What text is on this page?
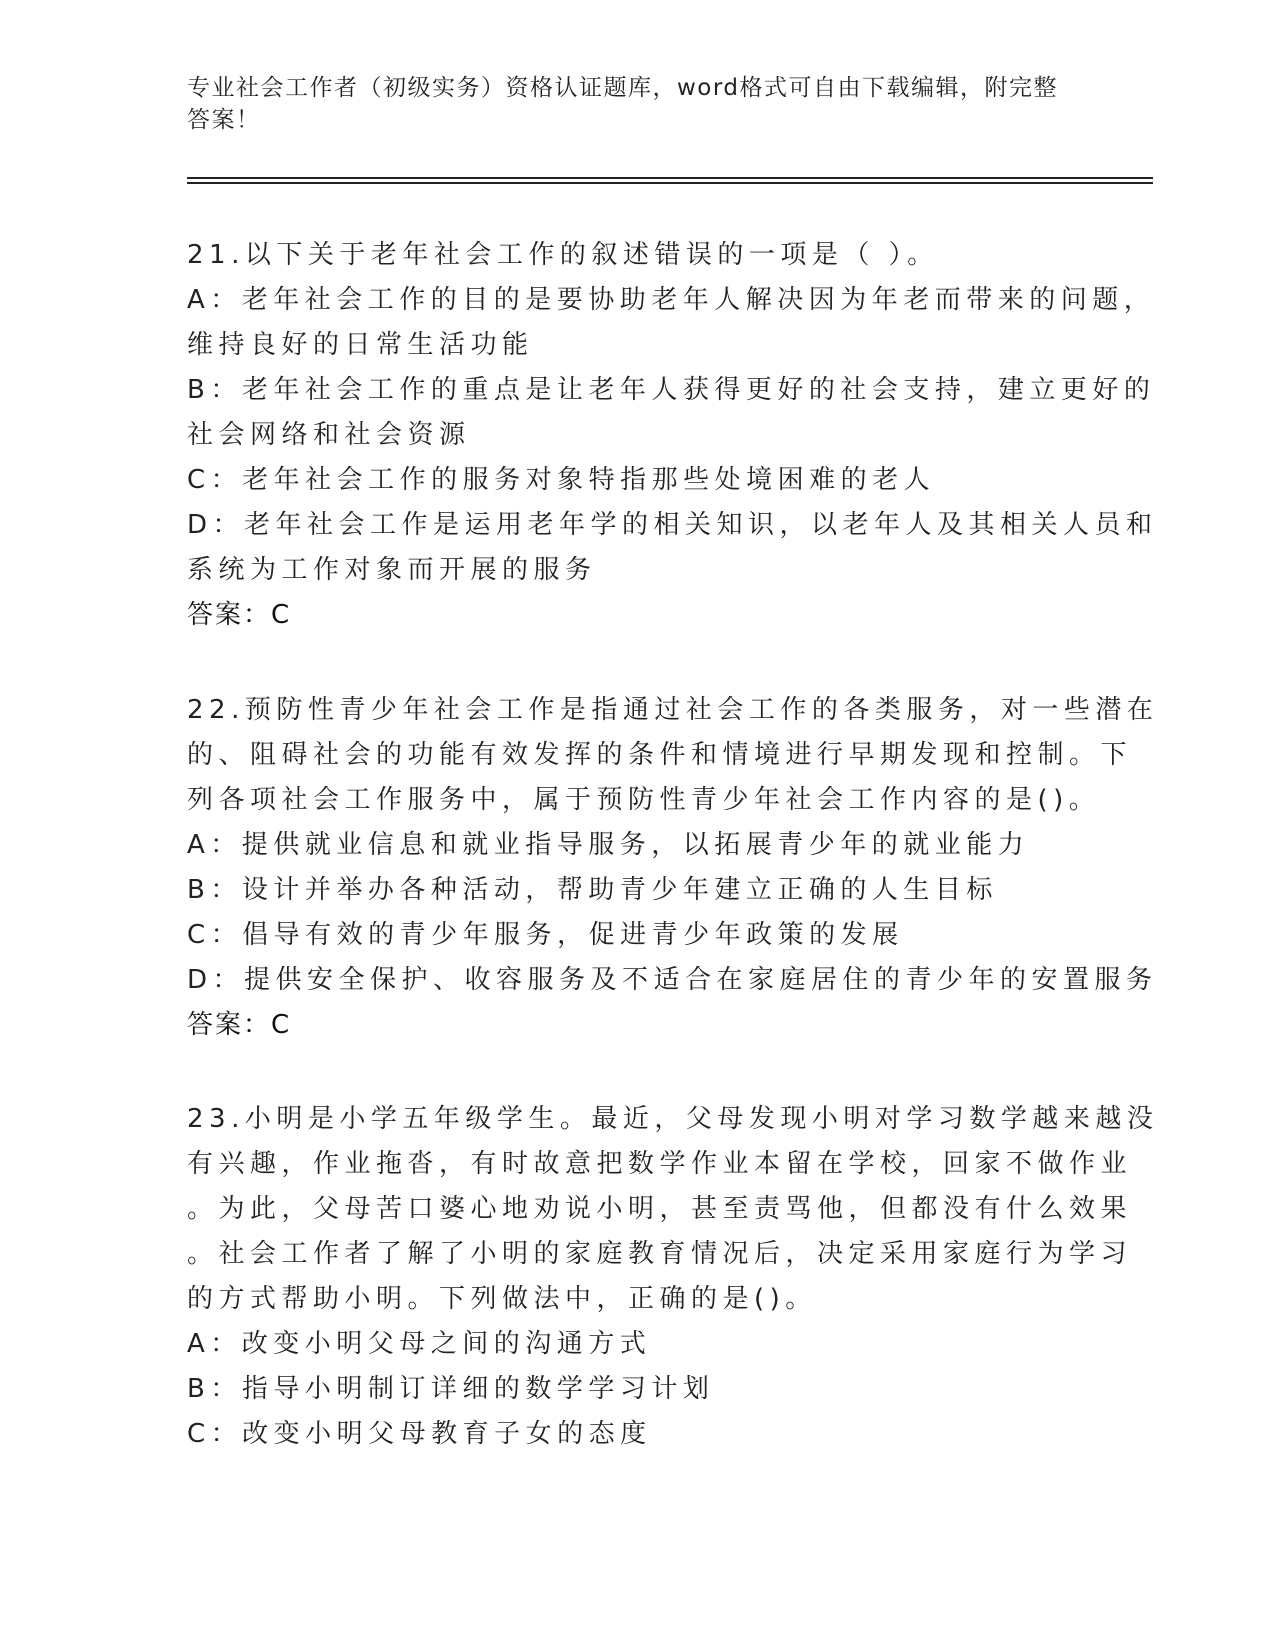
专业社会工作者（初级实务）资格认证题库，word格式可自由下载编辑，附完整
答案！
21.以下关于老年社会工作的叙述错误的一项是（ ）。
A：老年社会工作的目的是要协助老年人解决因为年老而带来的问题，
维持良好的日常生活功能
B：老年社会工作的重点是让老年人获得更好的社会支持，建立更好的
社会网络和社会资源
C：老年社会工作的服务对象特指那些处境困难的老人
D：老年社会工作是运用老年学的相关知识，以老年人及其相关人员和
系统为工作对象而开展的服务
答案：C
22.预防性青少年社会工作是指通过社会工作的各类服务，对一些潜在
的、阻碍社会的功能有效发挥的条件和情境进行早期发现和控制。下
列各项社会工作服务中，属于预防性青少年社会工作内容的是()。
A：提供就业信息和就业指导服务，以拓展青少年的就业能力
B：设计并举办各种活动，帮助青少年建立正确的人生目标
C：倡导有效的青少年服务，促进青少年政策的发展
D：提供安全保护、收容服务及不适合在家庭居住的青少年的安置服务
答案：C
23.小明是小学五年级学生。最近，父母发现小明对学习数学越来越没
有兴趣，作业拖沓，有时故意把数学作业本留在学校，回家不做作业
。为此，父母苦口婆心地劝说小明，甚至责骂他，但都没有什么效果
。社会工作者了解了小明的家庭教育情况后，决定采用家庭行为学习
的方式帮助小明。下列做法中，正确的是()。
A：改变小明父母之间的沟通方式
B：指导小明制订详细的数学学习计划
C：改变小明父母教育子女的态度
